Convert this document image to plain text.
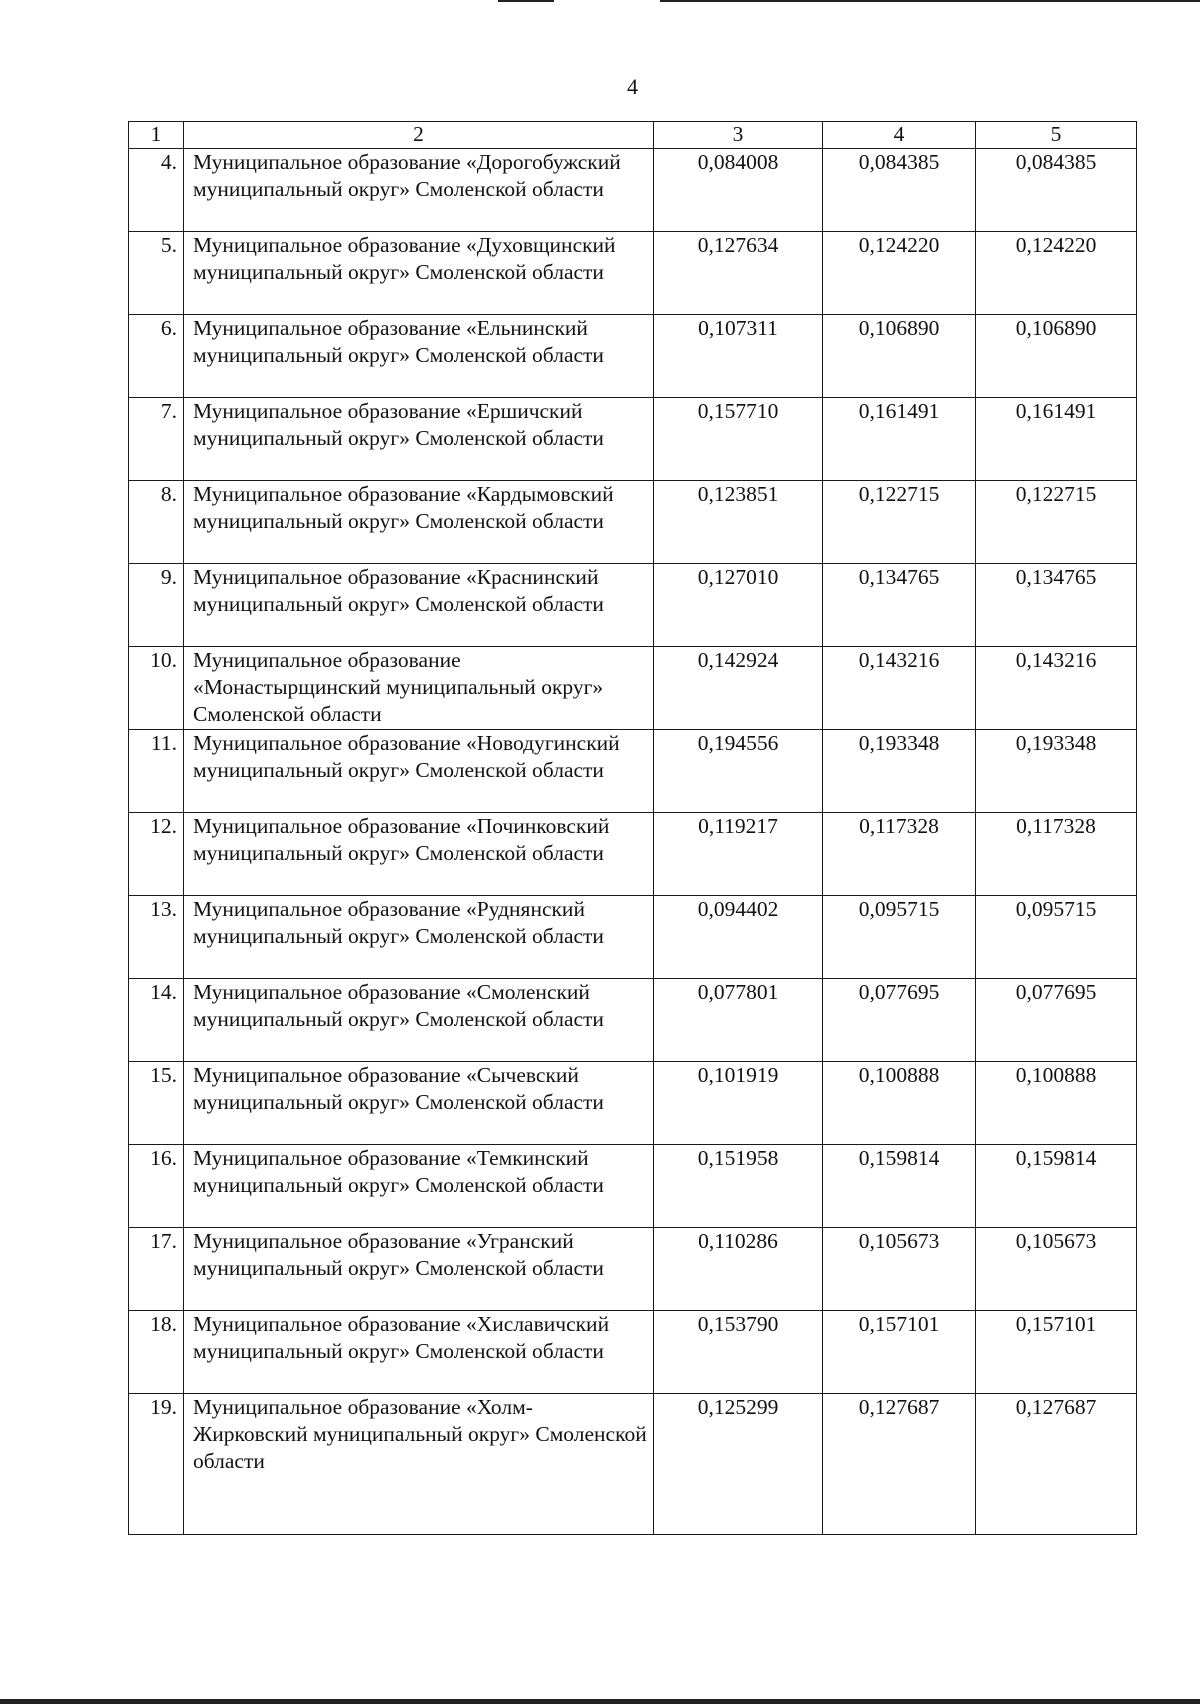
4
1	2	3	4	5
4.	Муниципальное образование «Дорогобужский муниципальный округ» Смоленской области	0,084008	0,084385	0,084385
5.	Муниципальное образование «Духовщинский муниципальный округ» Смоленской области	0,127634	0,124220	0,124220
6.	Муниципальное образование «Ельнинский муниципальный округ» Смоленской области	0,107311	0,106890	0,106890
7.	Муниципальное образование «Ершичский муниципальный округ» Смоленской области	0,157710	0,161491	0,161491
8.	Муниципальное образование «Кардымовский муниципальный округ» Смоленской области	0,123851	0,122715	0,122715
9.	Муниципальное образование «Краснинский муниципальный округ» Смоленской области	0,127010	0,134765	0,134765
10.	Муниципальное образование «Монастырщинский муниципальный округ» Смоленской области	0,142924	0,143216	0,143216
11.	Муниципальное образование «Новодугинский муниципальный округ» Смоленской области	0,194556	0,193348	0,193348
12.	Муниципальное образование «Починковский муниципальный округ» Смоленской области	0,119217	0,117328	0,117328
13.	Муниципальное образование «Руднянский муниципальный округ» Смоленской области	0,094402	0,095715	0,095715
14.	Муниципальное образование «Смоленский муниципальный округ» Смоленской области	0,077801	0,077695	0,077695
15.	Муниципальное образование «Сычевский муниципальный округ» Смоленской области	0,101919	0,100888	0,100888
16.	Муниципальное образование «Темкинский муниципальный округ» Смоленской области	0,151958	0,159814	0,159814
17.	Муниципальное образование «Угранский муниципальный округ» Смоленской области	0,110286	0,105673	0,105673
18.	Муниципальное образование «Хиславичский муниципальный округ» Смоленской области	0,153790	0,157101	0,157101
19.	Муниципальное образование «Холм-Жирковский муниципальный округ» Смоленской области	0,125299	0,127687	0,127687
